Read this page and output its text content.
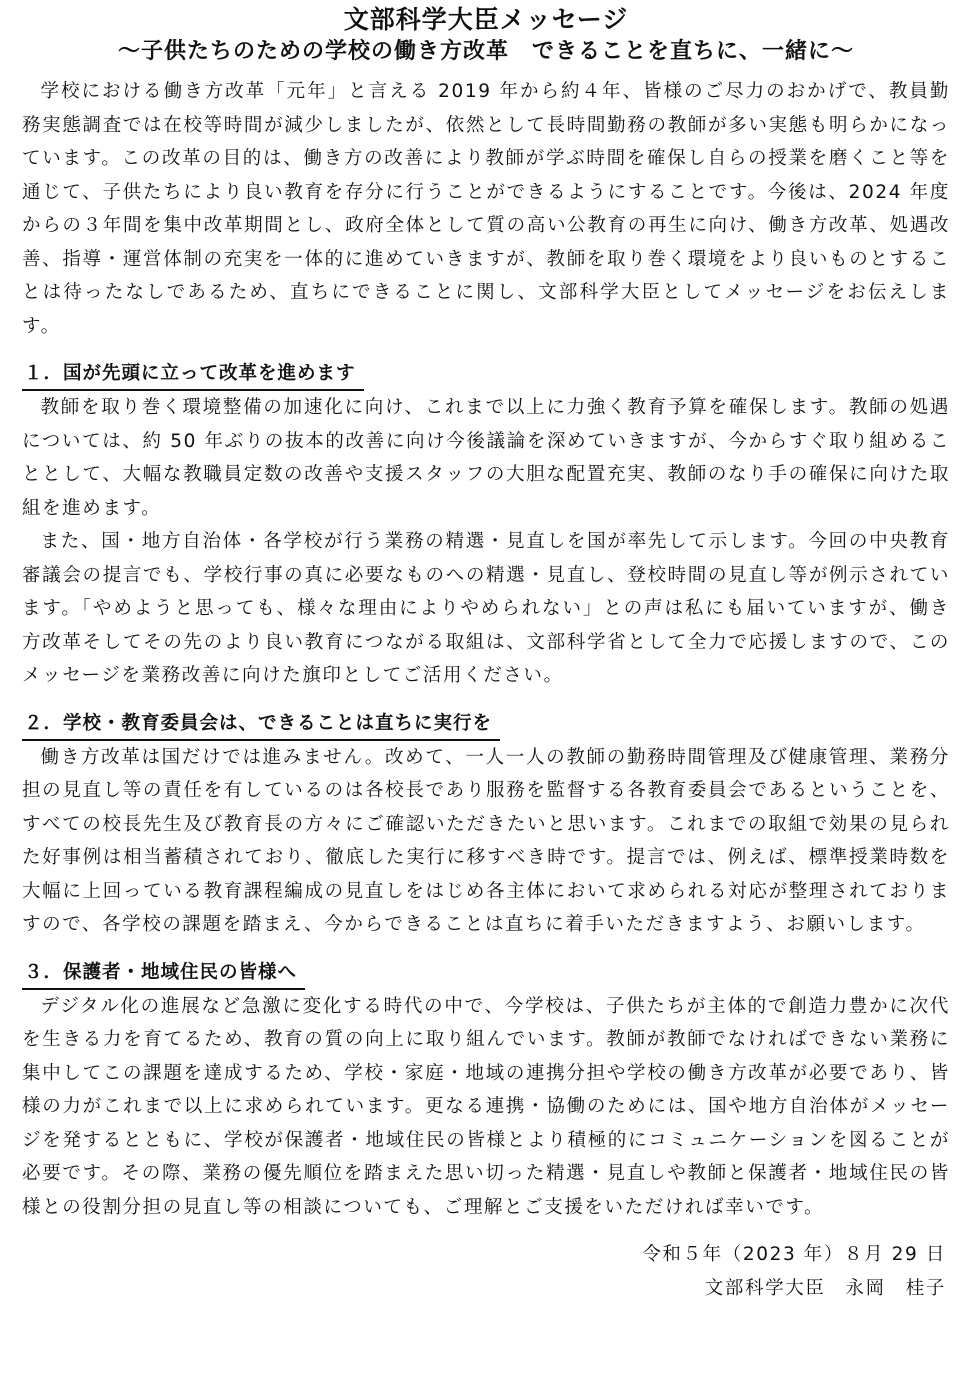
文部科学大臣メッセージ
～子供たちのための学校の働き方改革　できることを直ちに、一緒に～

学校における働き方改革「元年」と言える 2019 年から約４年、皆様のご尽力のおかげで、教員勤務実態調査では在校等時間が減少しましたが、依然として長時間勤務の教師が多い実態も明らかになっています。この改革の目的は、働き方の改善により教師が学ぶ時間を確保し自らの授業を磨くこと等を通じて、子供たちにより良い教育を存分に行うことができるようにすることです。今後は、2024 年度からの３年間を集中改革期間とし、政府全体として質の高い公教育の再生に向け、働き方改革、処遇改善、指導・運営体制の充実を一体的に進めていきますが、教師を取り巻く環境をより良いものとすることは待ったなしであるため、直ちにできることに関し、文部科学大臣としてメッセージをお伝えします。

１．国が先頭に立って改革を進めます

教師を取り巻く環境整備の加速化に向け、これまで以上に力強く教育予算を確保します。教師の処遇については、約 50 年ぶりの抜本的改善に向け今後議論を深めていきますが、今からすぐ取り組めることとして、大幅な教職員定数の改善や支援スタッフの大胆な配置充実、教師のなり手の確保に向けた取組を進めます。

また、国・地方自治体・各学校が行う業務の精選・見直しを国が率先して示します。今回の中央教育審議会の提言でも、学校行事の真に必要なものへの精選・見直し、登校時間の見直し等が例示されています。「やめようと思っても、様々な理由によりやめられない」との声は私にも届いていますが、働き方改革そしてその先のより良い教育につながる取組は、文部科学省として全力で応援しますので、このメッセージを業務改善に向けた旗印としてご活用ください。

２．学校・教育委員会は、できることは直ちに実行を

働き方改革は国だけでは進みません。改めて、一人一人の教師の勤務時間管理及び健康管理、業務分担の見直し等の責任を有しているのは各校長であり服務を監督する各教育委員会であるということを、すべての校長先生及び教育長の方々にご確認いただきたいと思います。これまでの取組で効果の見られた好事例は相当蓄積されており、徹底した実行に移すべき時です。提言では、例えば、標準授業時数を大幅に上回っている教育課程編成の見直しをはじめ各主体において求められる対応が整理されておりますので、各学校の課題を踏まえ、今からできることは直ちに着手いただきますよう、お願いします。

３．保護者・地域住民の皆様へ

デジタル化の進展など急激に変化する時代の中で、今学校は、子供たちが主体的で創造力豊かに次代を生きる力を育てるため、教育の質の向上に取り組んでいます。教師が教師でなければできない業務に集中してこの課題を達成するため、学校・家庭・地域の連携分担や学校の働き方改革が必要であり、皆様の力がこれまで以上に求められています。更なる連携・協働のためには、国や地方自治体がメッセージを発するとともに、学校が保護者・地域住民の皆様とより積極的にコミュニケーションを図ることが必要です。その際、業務の優先順位を踏まえた思い切った精選・見直しや教師と保護者・地域住民の皆様との役割分担の見直し等の相談についても、ご理解とご支援をいただければ幸いです。

令和５年（2023 年）８月 29 日
文部科学大臣　永岡　桂子
